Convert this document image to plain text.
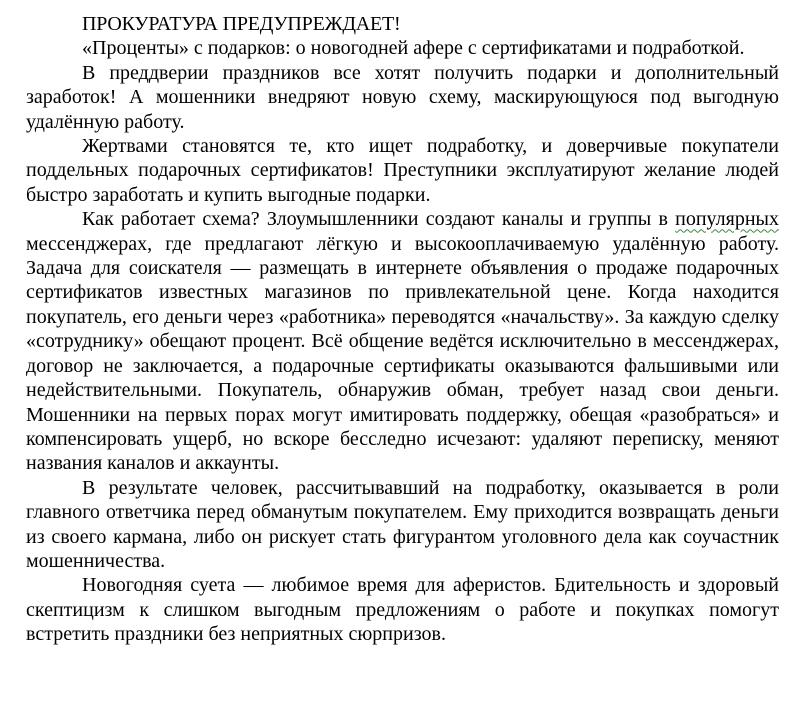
ПРОКУРАТУРА ПРЕДУПРЕЖДАЕТ!

«Проценты» с подарков: о новогодней афере с сертификатами и подработкой.

В преддверии праздников все хотят получить подарки и дополнительный заработок! А мошенники внедряют новую схему, маскирующуюся под выгодную удалённую работу.

Жертвами становятся те, кто ищет подработку, и доверчивые покупатели поддельных подарочных сертификатов! Преступники эксплуатируют желание людей быстро заработать и купить выгодные подарки.

Как работает схема? Злоумышленники создают каналы и группы в популярных мессенджерах, где предлагают лёгкую и высокооплачиваемую удалённую работу. Задача для соискателя — размещать в интернете объявления о продаже подарочных сертификатов известных магазинов по привлекательной цене. Когда находится покупатель, его деньги через «работника» переводятся «начальству». За каждую сделку «сотруднику» обещают процент. Всё общение ведётся исключительно в мессенджерах, договор не заключается, а подарочные сертификаты оказываются фальшивыми или недействительными. Покупатель, обнаружив обман, требует назад свои деньги. Мошенники на первых порах могут имитировать поддержку, обещая «разобраться» и компенсировать ущерб, но вскоре бесследно исчезают: удаляют переписку, меняют названия каналов и аккаунты.

В результате человек, рассчитывавший на подработку, оказывается в роли главного ответчика перед обманутым покупателем. Ему приходится возвращать деньги из своего кармана, либо он рискует стать фигурантом уголовного дела как соучастник мошенничества.

Новогодняя суета — любимое время для аферистов. Бдительность и здоровый скептицизм к слишком выгодным предложениям о работе и покупках помогут встретить праздники без неприятных сюрпризов.
